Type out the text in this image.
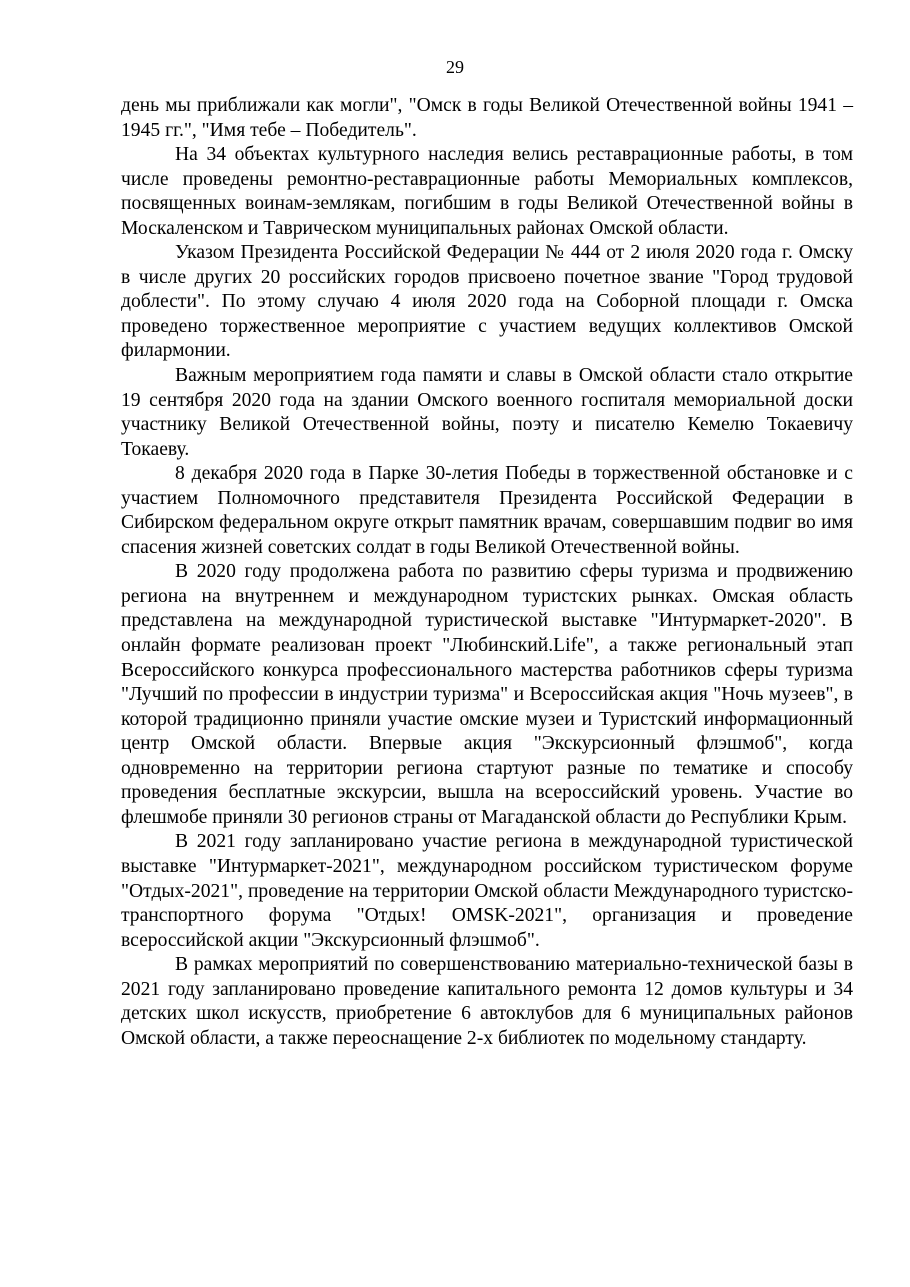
29

день мы приближали как могли", "Омск в годы Великой Отечественной войны 1941 – 1945 гг.", "Имя тебе – Победитель".

На 34 объектах культурного наследия велись реставрационные работы, в том числе проведены ремонтно-реставрационные работы Мемориальных комплексов, посвященных воинам-землякам, погибшим в годы Великой Отечественной войны в Москаленском и Таврическом муниципальных районах Омской области.

Указом Президента Российской Федерации № 444 от 2 июля 2020 года г. Омску в числе других 20 российских городов присвоено почетное звание "Город трудовой доблести". По этому случаю 4 июля 2020 года на Соборной площади г. Омска проведено торжественное мероприятие с участием ведущих коллективов Омской филармонии.

Важным мероприятием года памяти и славы в Омской области стало открытие 19 сентября 2020 года на здании Омского военного госпиталя мемориальной доски участнику Великой Отечественной войны, поэту и писателю Кемелю Токаевичу Токаеву.

8 декабря 2020 года в Парке 30-летия Победы в торжественной обстановке и с участием Полномочного представителя Президента Российской Федерации в Сибирском федеральном округе открыт памятник врачам, совершавшим подвиг во имя спасения жизней советских солдат в годы Великой Отечественной войны.

В 2020 году продолжена работа по развитию сферы туризма и продвижению региона на внутреннем и международном туристских рынках. Омская область представлена на международной туристической выставке "Интурмаркет-2020". В онлайн формате реализован проект "Любинский.Life", а также региональный этап Всероссийского конкурса профессионального мастерства работников сферы туризма "Лучший по профессии в индустрии туризма" и Всероссийская акция "Ночь музеев", в которой традиционно приняли участие омские музеи и Туристский информационный центр Омской области. Впервые акция "Экскурсионный флэшмоб", когда одновременно на территории региона стартуют разные по тематике и способу проведения бесплатные экскурсии, вышла на всероссийский уровень. Участие во флешмобе приняли 30 регионов страны от Магаданской области до Республики Крым.

В 2021 году запланировано участие региона в международной туристической выставке "Интурмаркет-2021", международном российском туристическом форуме "Отдых-2021", проведение на территории Омской области Международного туристско-транспортного форума "Отдых! OMSK-2021", организация и проведение всероссийской акции "Экскурсионный флэшмоб".

В рамках мероприятий по совершенствованию материально-технической базы в 2021 году запланировано проведение капитального ремонта 12 домов культуры и 34 детских школ искусств, приобретение 6 автоклубов для 6 муниципальных районов Омской области, а также переоснащение 2-х библиотек по модельному стандарту.
